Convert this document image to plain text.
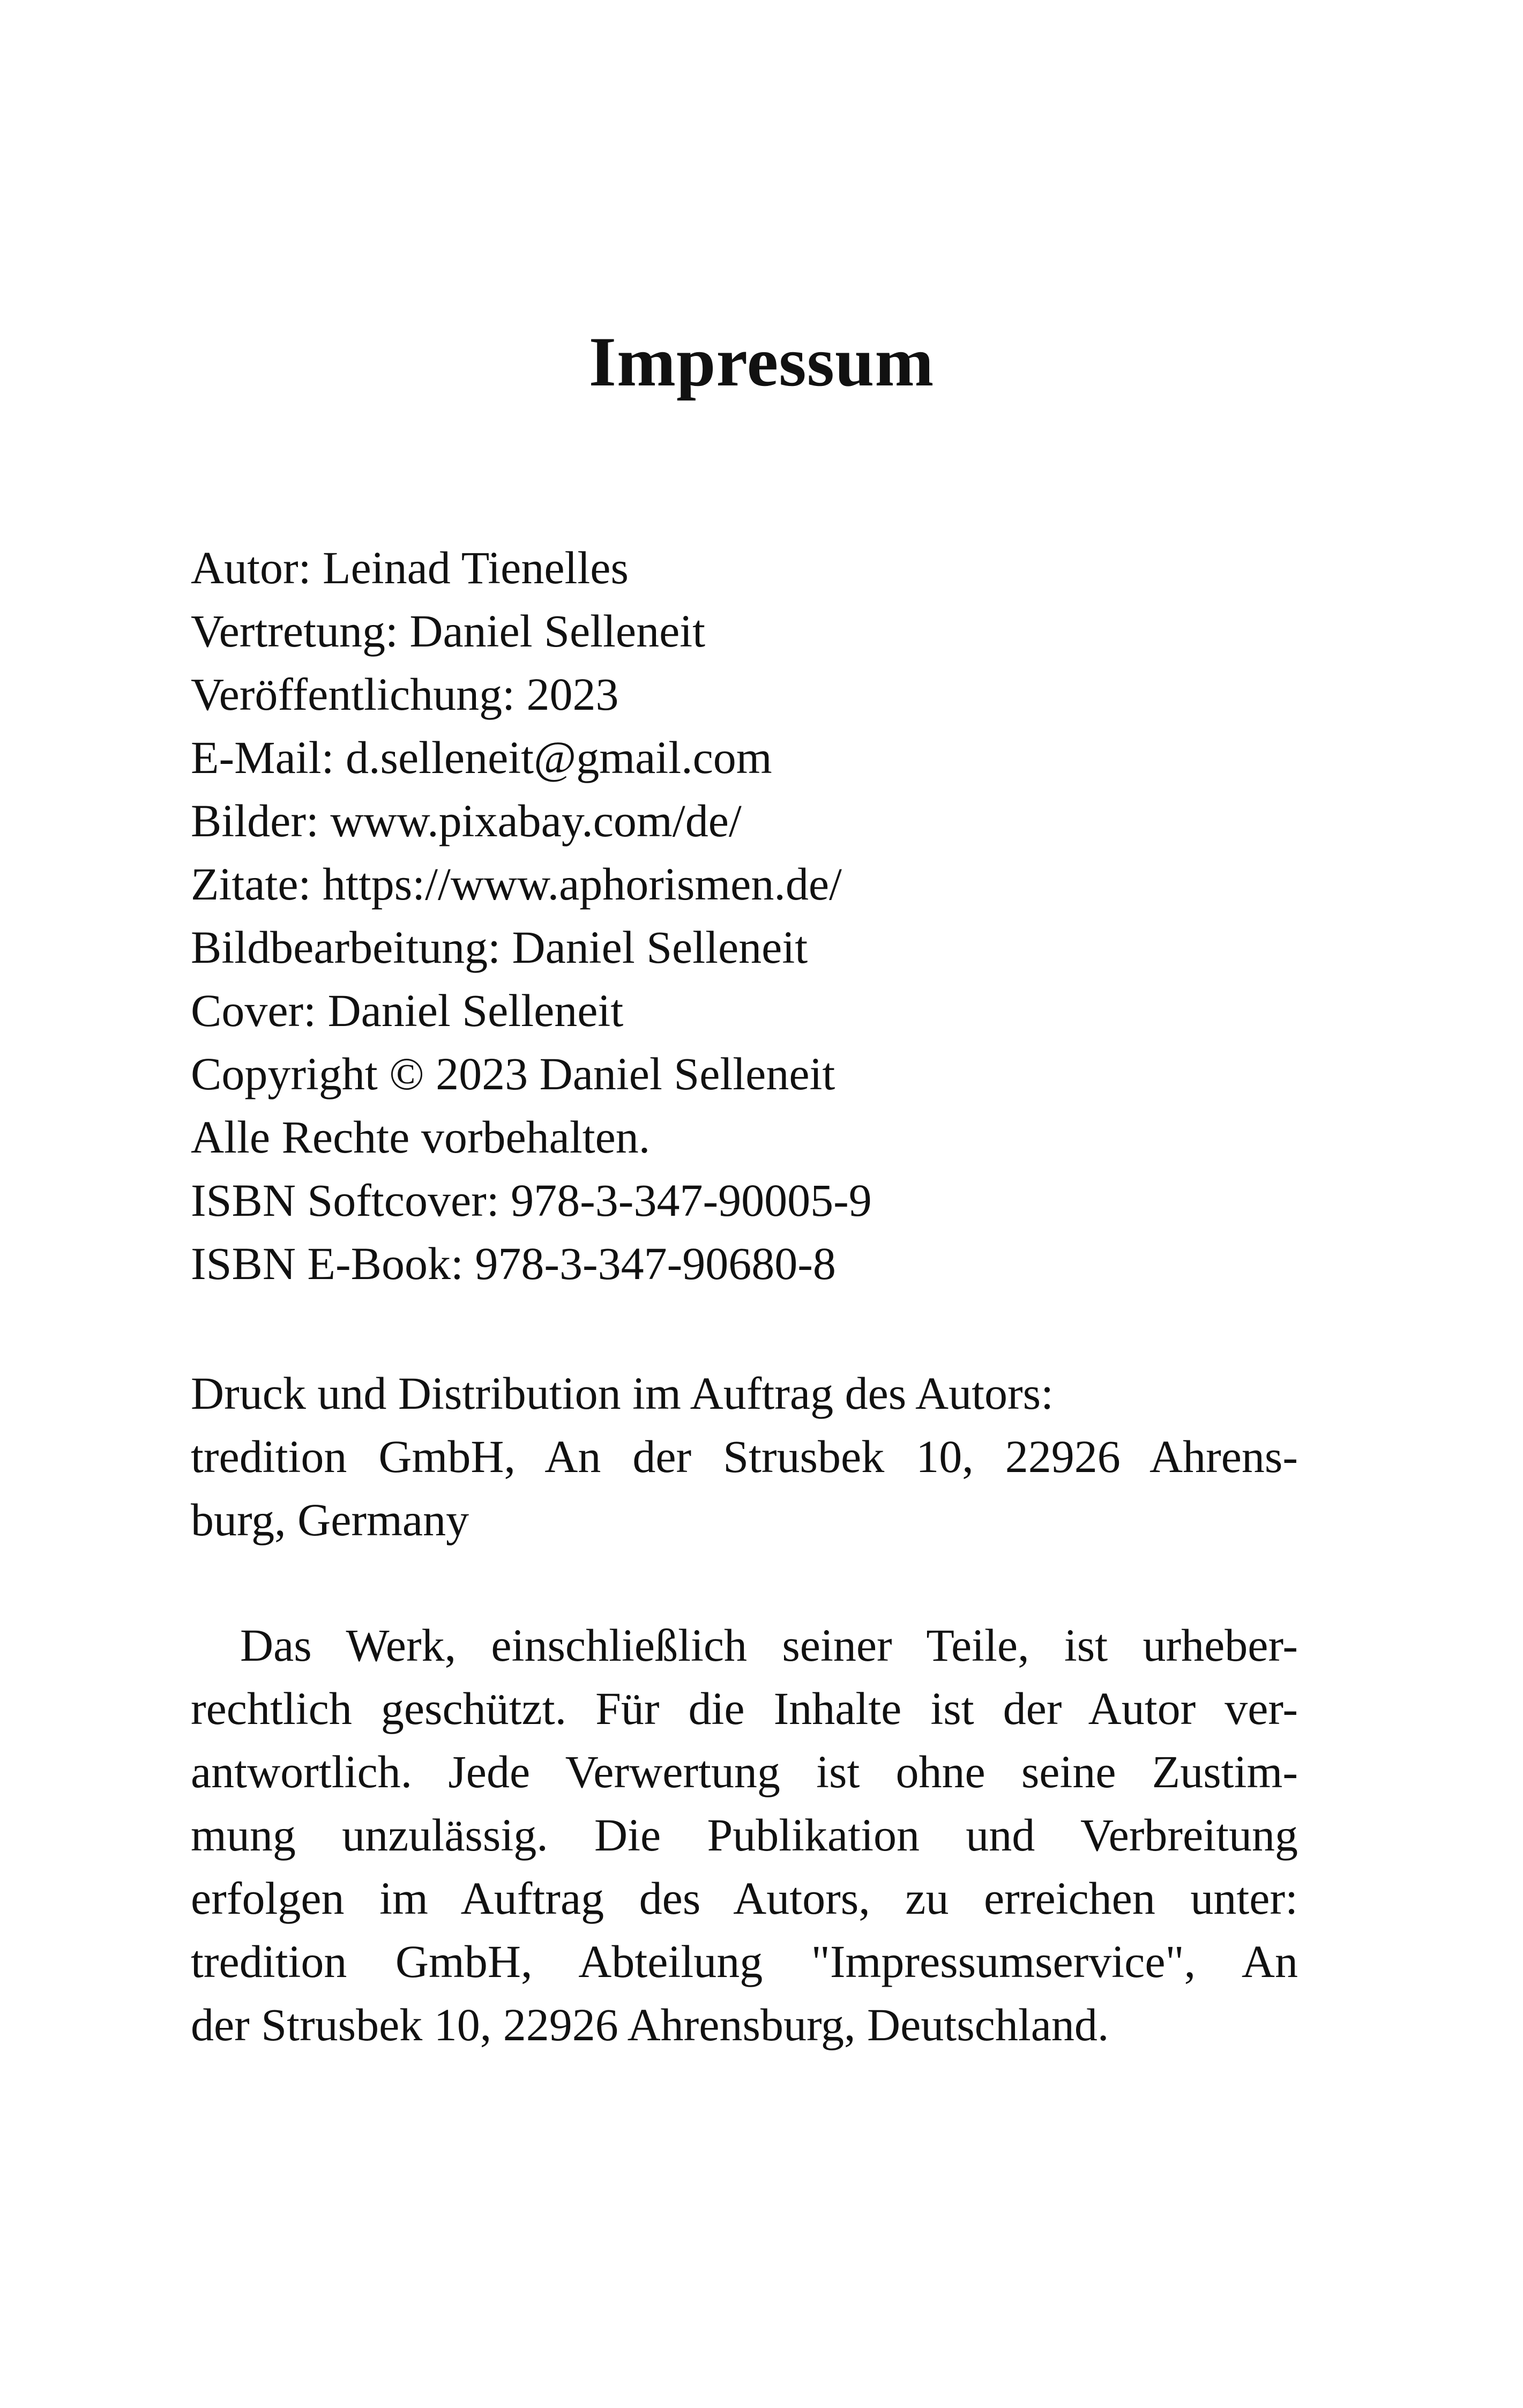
Impressum
Autor: Leinad Tienelles
Vertretung: Daniel Selleneit
Veröffentlichung: 2023
E-Mail: d.selleneit@gmail.com
Bilder: www.pixabay.com/de/
Zitate: https://www.aphorismen.de/
Bildbearbeitung: Daniel Selleneit
Cover: Daniel Selleneit
Copyright © 2023 Daniel Selleneit
Alle Rechte vorbehalten.
ISBN Softcover: 978-3-347-90005-9
ISBN E-Book: 978-3-347-90680-8
Druck und Distribution im Auftrag des Autors:
tredition GmbH, An der Strusbek 10, 22926 Ahrens-
burg, Germany
Das Werk, einschließlich seiner Teile, ist urheber-
rechtlich geschützt. Für die Inhalte ist der Autor ver-
antwortlich. Jede Verwertung ist ohne seine Zustim-
mung unzulässig. Die Publikation und Verbreitung
erfolgen im Auftrag des Autors, zu erreichen unter:
tredition GmbH, Abteilung "Impressumservice", An
der Strusbek 10, 22926 Ahrensburg, Deutschland.
